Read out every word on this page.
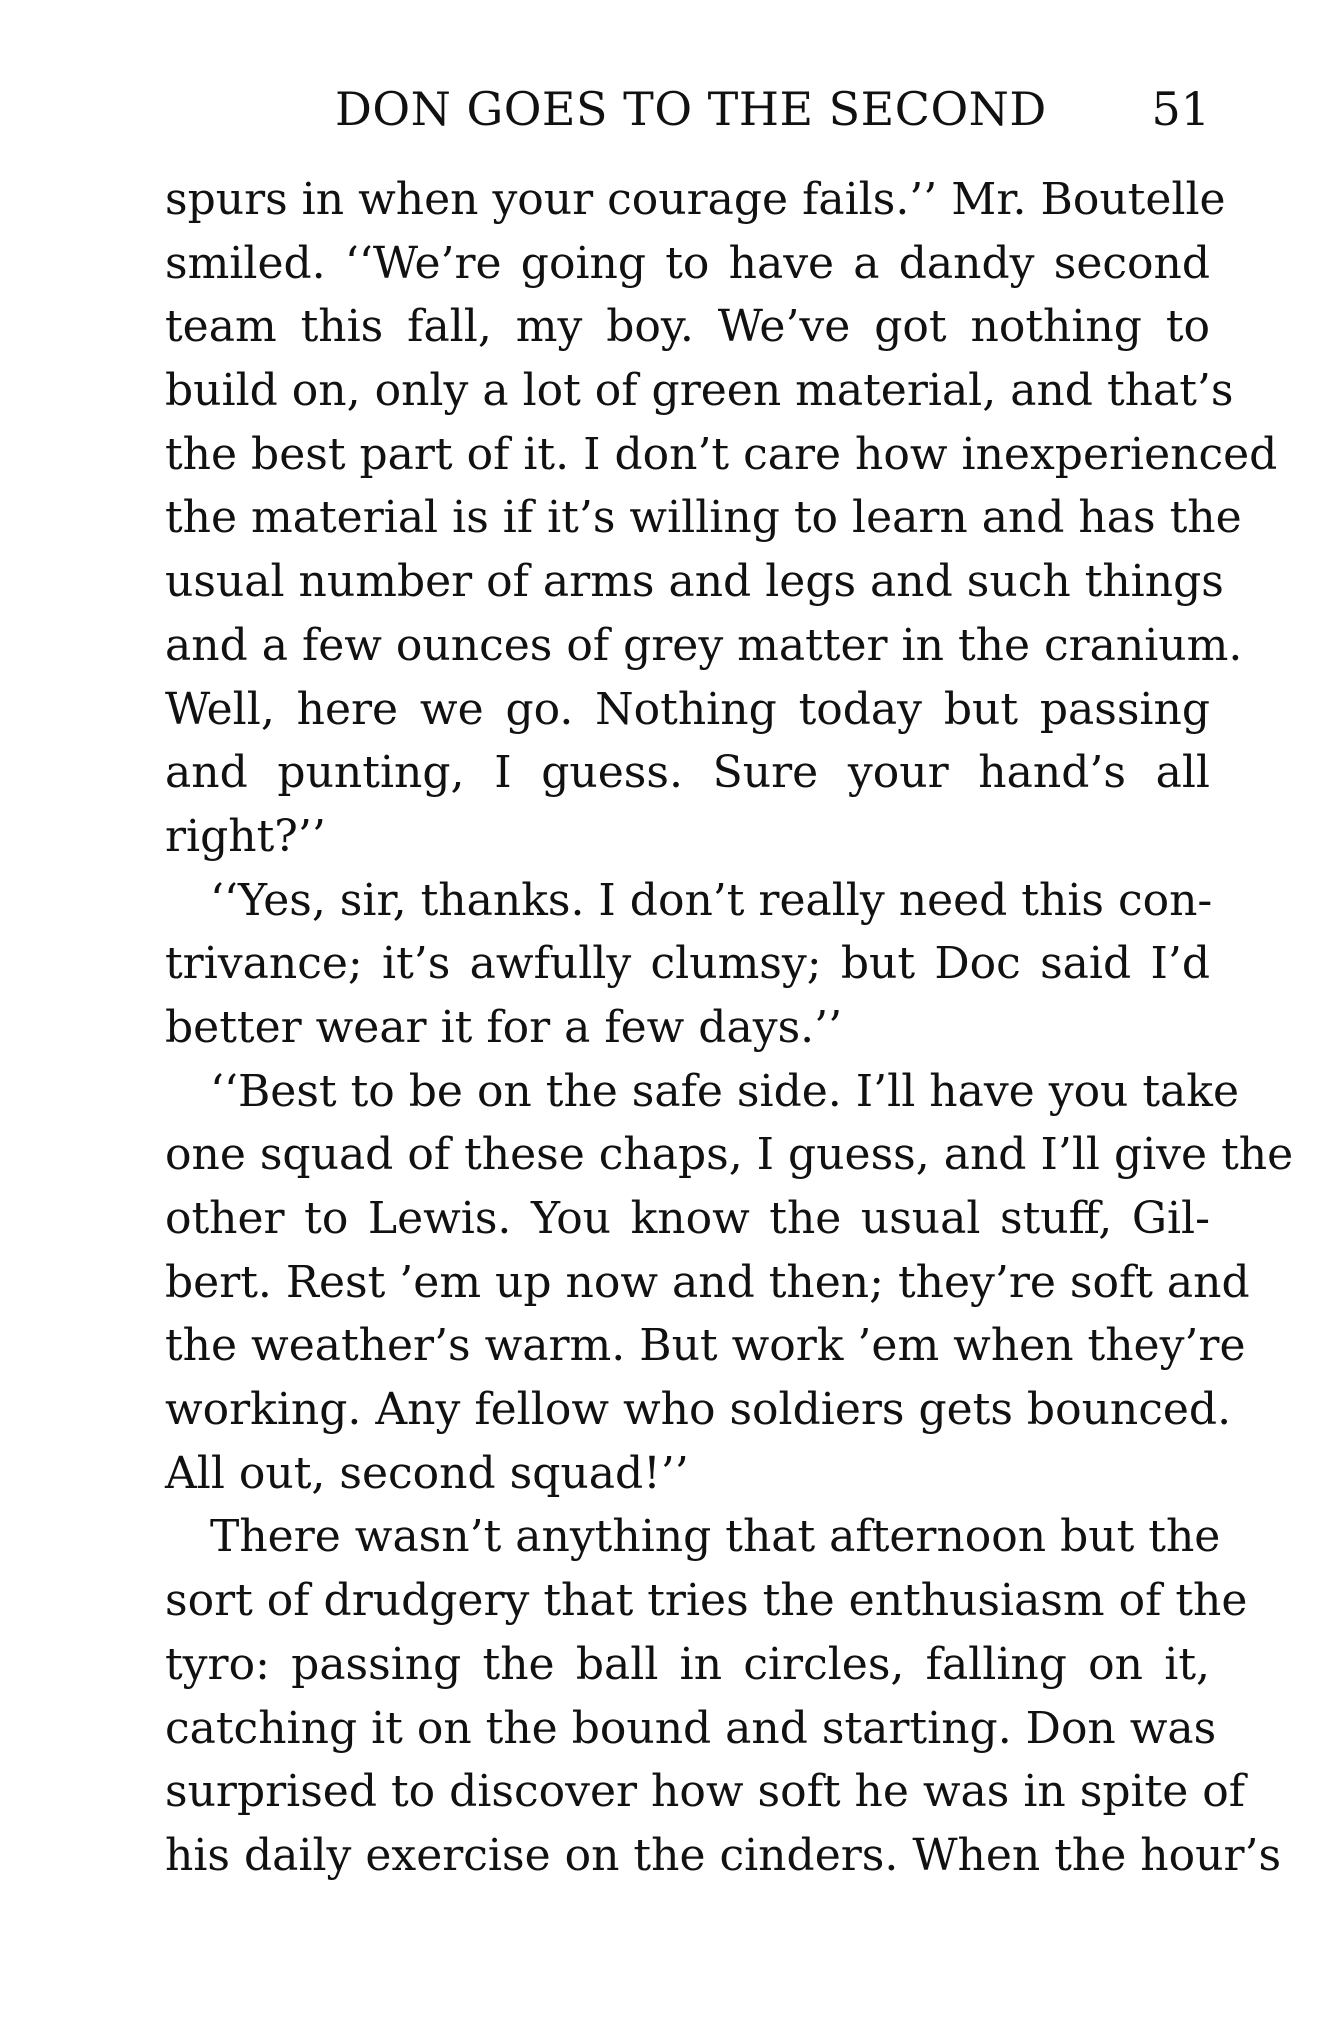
DON GOES TO THE SECOND 51
spurs in when your courage fails.’’ Mr. Boutelle
smiled. ‘‘We’re going to have a dandy second
team this fall, my boy. We’ve got nothing to
build on, only a lot of green material, and that’s
the best part of it. I don’t care how inexperienced
the material is if it’s willing to learn and has the
usual number of arms and legs and such things
and a few ounces of grey matter in the cranium.
Well, here we go. Nothing today but passing
and punting, I guess. Sure your hand’s all
right?’’
‘‘Yes, sir, thanks. I don’t really need this con-
trivance; it’s awfully clumsy; but Doc said I’d
better wear it for a few days.’’
‘‘Best to be on the safe side. I’ll have you take
one squad of these chaps, I guess, and I’ll give the
other to Lewis. You know the usual stuff, Gil-
bert. Rest ’em up now and then; they’re soft and
the weather’s warm. But work ’em when they’re
working. Any fellow who soldiers gets bounced.
All out, second squad!’’
There wasn’t anything that afternoon but the
sort of drudgery that tries the enthusiasm of the
tyro: passing the ball in circles, falling on it,
catching it on the bound and starting. Don was
surprised to discover how soft he was in spite of
his daily exercise on the cinders. When the hour’s
